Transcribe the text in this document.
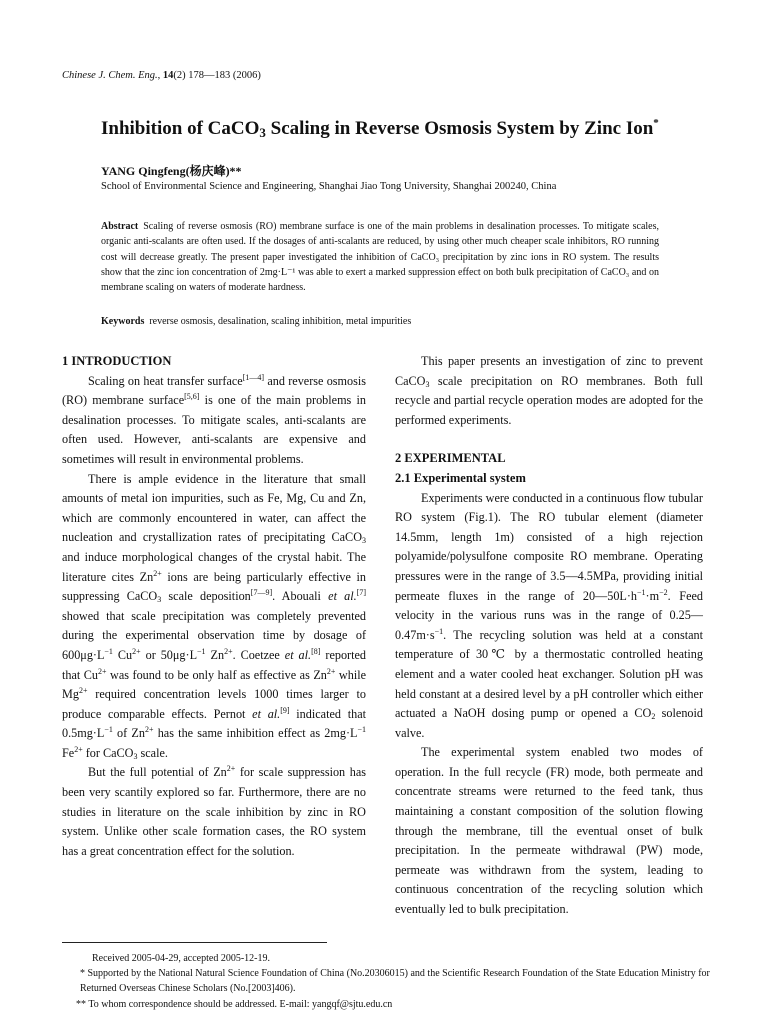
Chinese J. Chem. Eng., 14(2) 178—183 (2006)
Inhibition of CaCO$_3$ Scaling in Reverse Osmosis System by Zinc Ion*
YANG Qingfeng(杨庆峰)**
School of Environmental Science and Engineering, Shanghai Jiao Tong University, Shanghai 200240, China
Abstract Scaling of reverse osmosis (RO) membrane surface is one of the main problems in desalination processes. To mitigate scales, organic anti-scalants are often used. If the dosages of anti-scalants are reduced, by using other much cheaper scale inhibitors, RO running cost will decrease greatly. The present paper investigated the inhibition of CaCO₃ precipitation by zinc ions in RO system. The results show that the zinc ion concentration of 2mg·L⁻¹ was able to exert a marked suppression effect on both bulk precipitation of CaCO₃ and on membrane scaling on waters of moderate hardness.
Keywords reverse osmosis, desalination, scaling inhibition, metal impurities
1 INTRODUCTION

Scaling on heat transfer surface[1—4] and reverse osmosis (RO) membrane surface[5,6] is one of the main problems in desalination processes. To mitigate scales, anti-scalants are often used. However, anti-scalants are expensive and sometimes will result in environmental problems.

There is ample evidence in the literature that small amounts of metal ion impurities, such as Fe, Mg, Cu and Zn, which are commonly encountered in water, can affect the nucleation and crystallization rates of precipitating CaCO$_3$ and induce morphological changes of the crystal habit. The literature cites $Zn^{2+}$ ions are being particularly effective in suppressing CaCO$_3$ scale deposition[7—9]. Abouali et al.[7] showed that scale precipitation was completely prevented during the experimental observation time by dosage of $600\mu g\cdot L^{-1}$ $Cu^{2+}$ or $50\mu g\cdot L^{-1}$ $Zn^{2+}$. Coetzee et al.[8] reported that $Cu^{2+}$ was found to be only half as effective as $Zn^{2+}$ while $Mg^{2+}$ required concentration levels 1000 times larger to produce comparable effects. Pernot et al.[9] indicated that $0.5mg\cdot L^{-1}$ of $Zn^{2+}$ has the same inhibition effect as $2mg\cdot L^{-1}$ $Fe^{2+}$ for CaCO$_3$ scale.

But the full potential of $Zn^{2+}$ for scale suppression has been very scantily explored so far. Furthermore, there are no studies in literature on the scale inhibition by zinc in RO system. Unlike other scale formation cases, the RO system has a great concentration effect for the solution.

This paper presents an investigation of zinc to prevent CaCO$_3$ scale precipitation on RO membranes. Both full recycle and partial recycle operation modes are adopted for the performed experiments.

2 EXPERIMENTAL
2.1 Experimental system

Experiments were conducted in a continuous flow tubular RO system (Fig.1). The RO tubular element (diameter 14.5mm, length 1m) consisted of a high rejection polyamide/polysulfone composite RO membrane. Operating pressures were in the range of 3.5—4.5MPa, providing initial permeate fluxes in the range of $20—50L\cdot h^{-1}\cdot m^{-2}$. Feed velocity in the various runs was in the range of $0.25—0.47m\cdot s^{-1}$. The recycling solution was held at a constant temperature of 30℃ by a thermostatic controlled heating element and a water cooled heat exchanger. Solution pH was held constant at a desired level by a pH controller which either actuated a NaOH dosing pump or opened a $CO_2$ solenoid valve.

The experimental system enabled two modes of operation. In the full recycle (FR) mode, both permeate and concentrate streams were returned to the feed tank, thus maintaining a constant composition of the solution flowing through the membrane, till the eventual onset of bulk precipitation. In the permeate withdrawal (PW) mode, permeate was withdrawn from the system, leading to continuous concentration of the recycling solution which eventually led to bulk precipitation.

Received 2005-04-29, accepted 2005-12-19.
* Supported by the National Natural Science Foundation of China (No.20306015) and the Scientific Research Foundation of the State Education Ministry for Returned Overseas Chinese Scholars (No.[2003]406).
** To whom correspondence should be addressed. E-mail: yangqf@sjtu.edu.cn
